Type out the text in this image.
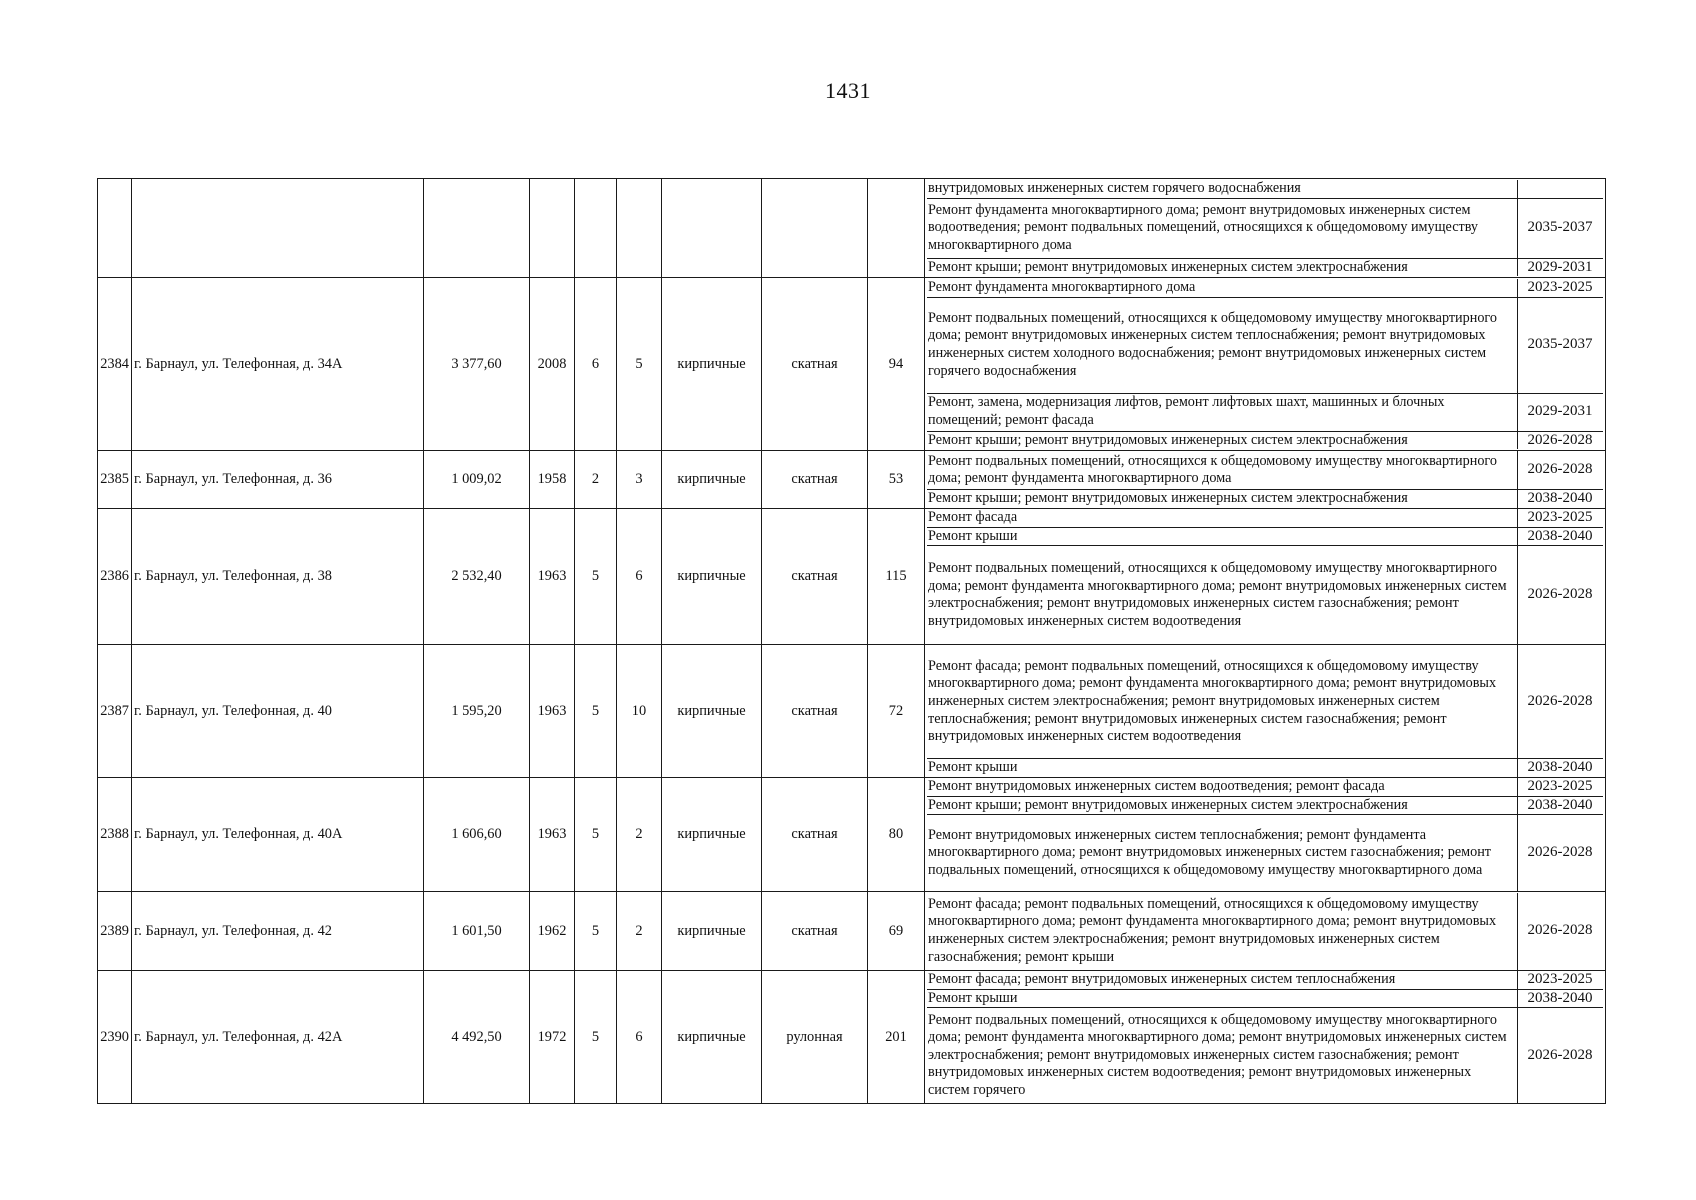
1431

внутридомовых инженерных систем горячего водоснабжения	
Ремонт фундамента многоквартирного дома; ремонт внутридомовых инженерных систем водоотведения; ремонт подвальных помещений, относящихся к общедомовому имуществу многоквартирного дома	2035-2037
Ремонт крыши; ремонт внутридомовых инженерных систем электроснабжения	2029-2031

2384	г. Барнаул, ул. Телефонная, д. 34А	3 377,60	2008	6	5	кирпичные	скатная	94	
Ремонт фундамента многоквартирного дома	2023-2025
Ремонт подвальных помещений, относящихся к общедомовому имуществу многоквартирного дома; ремонт внутридомовых инженерных систем теплоснабжения; ремонт внутридомовых инженерных систем холодного водоснабжения; ремонт внутридомовых инженерных систем горячего водоснабжения	2035-2037
Ремонт, замена, модернизация лифтов, ремонт лифтовых шахт, машинных и блочных помещений; ремонт фасада	2029-2031
Ремонт крыши; ремонт внутридомовых инженерных систем электроснабжения	2026-2028

2385	г. Барнаул, ул. Телефонная, д. 36	1 009,02	1958	2	3	кирпичные	скатная	53	
Ремонт подвальных помещений, относящихся к общедомовому имуществу многоквартирного дома; ремонт фундамента многоквартирного дома	2026-2028
Ремонт крыши; ремонт внутридомовых инженерных систем электроснабжения	2038-2040

2386	г. Барнаул, ул. Телефонная, д. 38	2 532,40	1963	5	6	кирпичные	скатная	115	
Ремонт фасада	2023-2025
Ремонт крыши	2038-2040
Ремонт подвальных помещений, относящихся к общедомовому имуществу многоквартирного дома; ремонт фундамента многоквартирного дома; ремонт внутридомовых инженерных систем электроснабжения; ремонт внутридомовых инженерных систем газоснабжения; ремонт внутридомовых инженерных систем водоотведения	2026-2028

2387	г. Барнаул, ул. Телефонная, д. 40	1 595,20	1963	5	10	кирпичные	скатная	72	
Ремонт фасада; ремонт подвальных помещений, относящихся к общедомовому имуществу многоквартирного дома; ремонт фундамента многоквартирного дома; ремонт внутридомовых инженерных систем электроснабжения; ремонт внутридомовых инженерных систем теплоснабжения; ремонт внутридомовых инженерных систем газоснабжения; ремонт внутридомовых инженерных систем водоотведения	2026-2028
Ремонт крыши	2038-2040

2388	г. Барнаул, ул. Телефонная, д. 40А	1 606,60	1963	5	2	кирпичные	скатная	80	
Ремонт внутридомовых инженерных систем водоотведения; ремонт фасада	2023-2025
Ремонт крыши; ремонт внутридомовых инженерных систем электроснабжения	2038-2040
Ремонт внутридомовых инженерных систем теплоснабжения; ремонт фундамента многоквартирного дома; ремонт внутридомовых инженерных систем газоснабжения; ремонт подвальных помещений, относящихся к общедомовому имуществу многоквартирного дома	2026-2028

2389	г. Барнаул, ул. Телефонная, д. 42	1 601,50	1962	5	2	кирпичные	скатная	69	
Ремонт фасада; ремонт подвальных помещений, относящихся к общедомовому имуществу многоквартирного дома; ремонт фундамента многоквартирного дома; ремонт внутридомовых инженерных систем электроснабжения; ремонт внутридомовых инженерных систем газоснабжения; ремонт крыши	2026-2028

2390	г. Барнаул, ул. Телефонная, д. 42А	4 492,50	1972	5	6	кирпичные	рулонная	201	
Ремонт фасада; ремонт внутридомовых инженерных систем теплоснабжения	2023-2025
Ремонт крыши	2038-2040
Ремонт подвальных помещений, относящихся к общедомовому имуществу многоквартирного дома; ремонт фундамента многоквартирного дома; ремонт внутридомовых инженерных систем электроснабжения; ремонт внутридомовых инженерных систем газоснабжения; ремонт внутридомовых инженерных систем водоотведения; ремонт внутридомовых инженерных систем горячего	2026-2028
